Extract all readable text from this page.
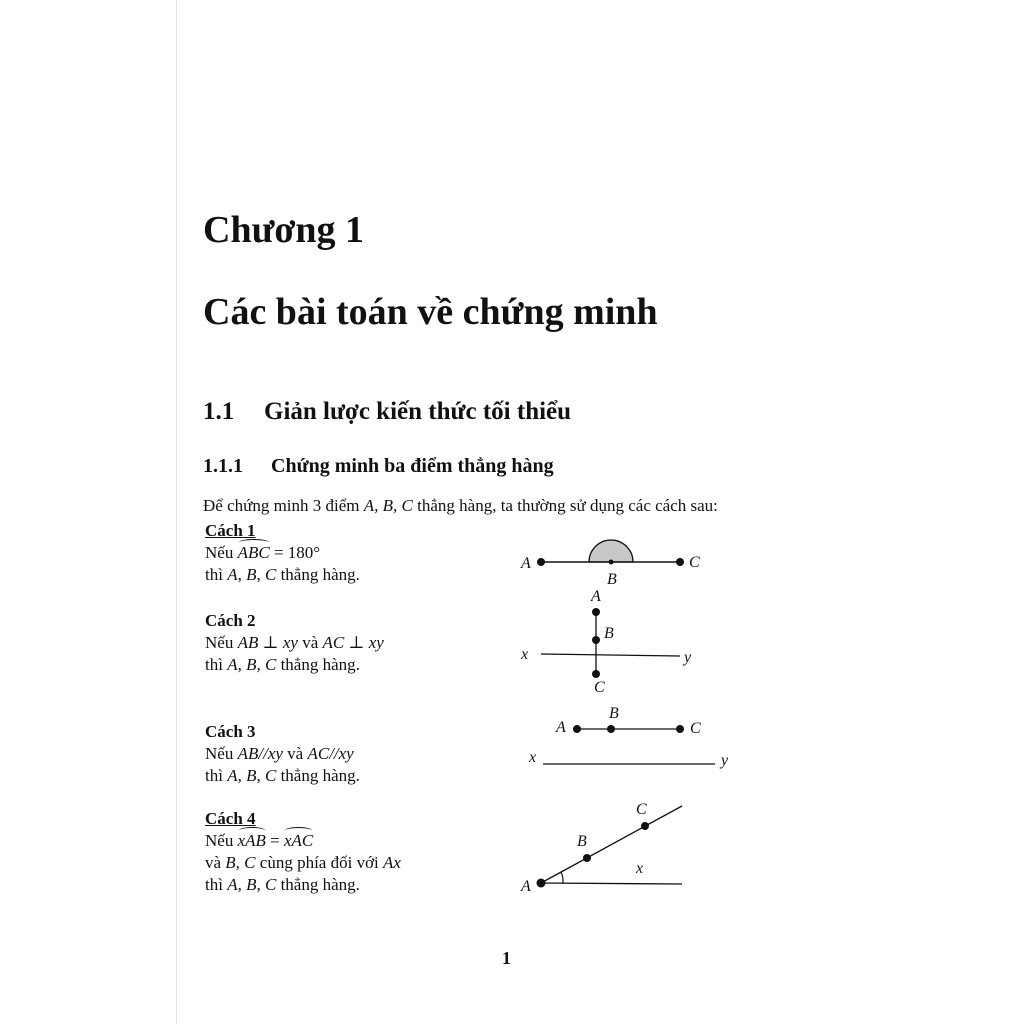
Chương 1
Các bài toán về chứng minh
1.1 Giản lược kiến thức tối thiểu
1.1.1 Chứng minh ba điểm thẳng hàng
Để chứng minh 3 điểm A, B, C thẳng hàng, ta thường sử dụng các cách sau:
Cách 1
Nếu ABC = 180°
thì A, B, C thẳng hàng.
Cách 2
Nếu AB ⊥ xy và AC ⊥ xy
thì A, B, C thẳng hàng.
Cách 3
Nếu AB//xy và AC//xy
thì A, B, C thẳng hàng.
Cách 4
Nếu xAB = xAC
và B, C cùng phía đối với Ax
thì A, B, C thẳng hàng.
A
B
C
A
B
C
x	y
A
B
C
x	y
A
B
C
x
1
